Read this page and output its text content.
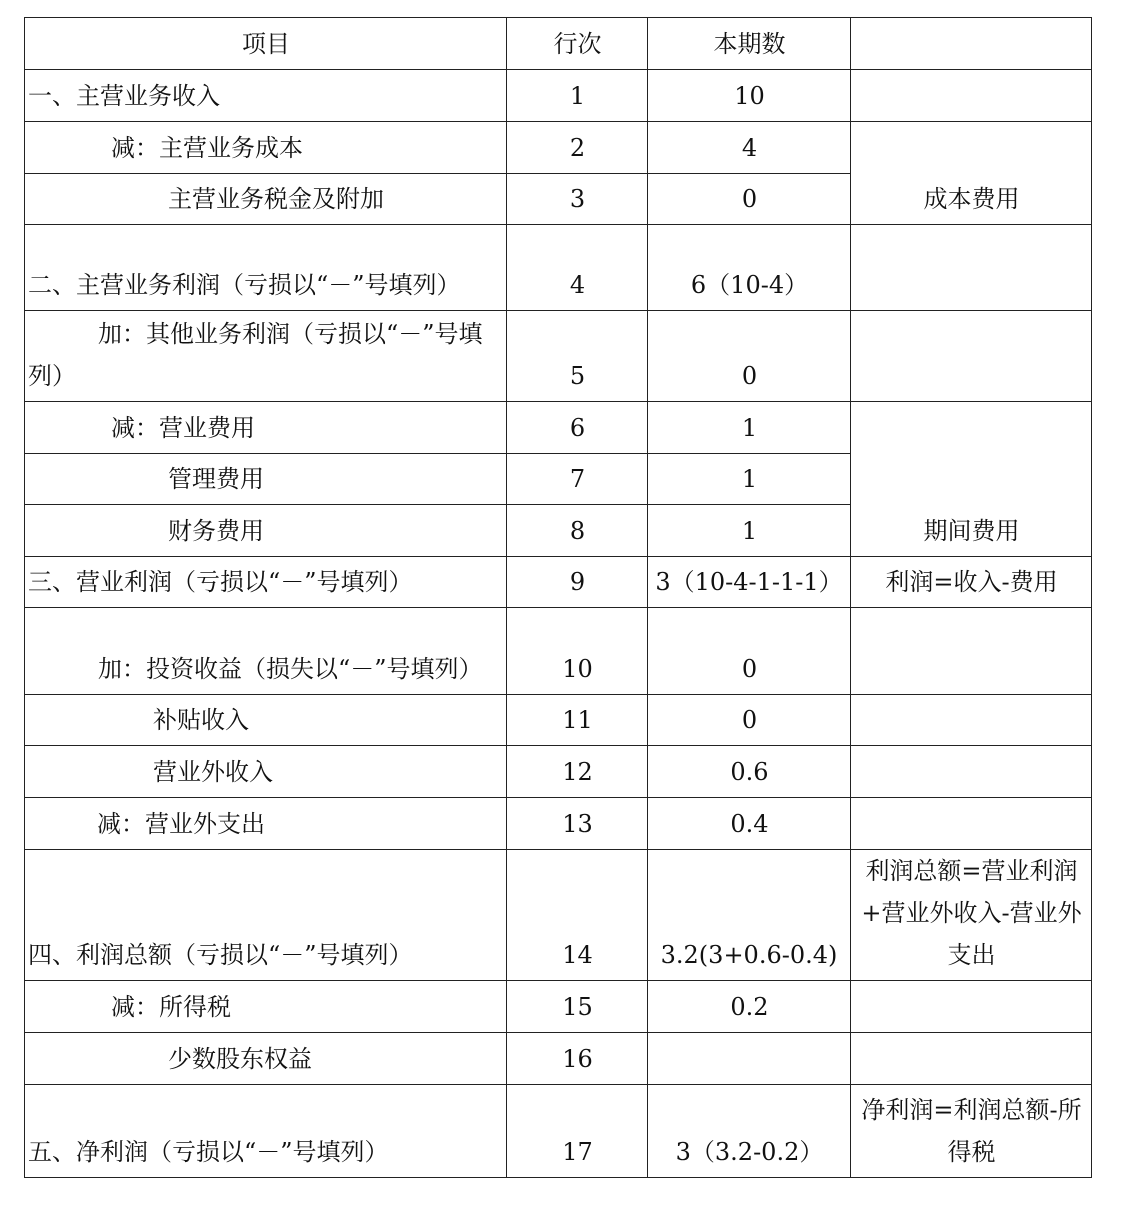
项目	行次	本期数	
一、主营业务收入	1	10	
减：主营业务成本	2	4	成本费用
主营业务税金及附加	3	0	
二、主营业务利润（亏损以“－”号填列）	4	6（10-4）	
加：其他业务利润（亏损以“－”号填列）	5	0	
减：营业费用	6	1	期间费用
管理费用	7	1	
财务费用	8	1	
三、营业利润（亏损以“－”号填列）	9	3（10-4-1-1-1）	利润=收入-费用
加：投资收益（损失以“－”号填列）	10	0	
补贴收入	11	0	
营业外收入	12	0.6	
减：营业外支出	13	0.4	
四、利润总额（亏损以“－”号填列）	14	3.2(3+0.6-0.4)	利润总额=营业利润+营业外收入-营业外支出
减：所得税	15	0.2	
少数股东权益	16		
五、净利润（亏损以“－”号填列）	17	3（3.2-0.2）	净利润=利润总额-所得税
